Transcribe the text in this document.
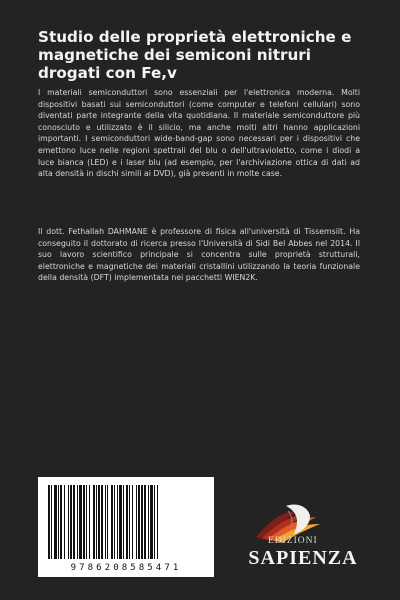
Studio delle proprietà elettroniche e magnetiche dei semiconi nitruri drogati con Fe,v

I materiali semiconduttori sono essenziali per l'elettronica moderna. Molti dispositivi basati sui semiconduttori (come computer e telefoni cellulari) sono diventati parte integrante della vita quotidiana. Il materiale semiconduttore più conosciuto e utilizzato è il silicio, ma anche molti altri hanno applicazioni importanti. I semiconduttori wide-band-gap sono necessari per i dispositivi che emettono luce nelle regioni spettrali del blu o dell'ultravioletto, come i diodi a luce bianca (LED) e i laser blu (ad esempio, per l'archiviazione ottica di dati ad alta densità in dischi simili ai DVD), già presenti in molte case.

Il dott. Fethallah DAHMANE è professore di fisica all'università di Tissemsilt. Ha conseguito il dottorato di ricerca presso l'Università di Sidi Bel Abbes nel 2014. Il suo lavoro scientifico principale si concentra sulle proprietà strutturali, elettroniche e magnetiche dei materiali cristallini utilizzando la teoria funzionale della densità (DFT) implementata nei pacchetti WIEN2K.

9786208585471
EDIZIONI
SAPIENZA
